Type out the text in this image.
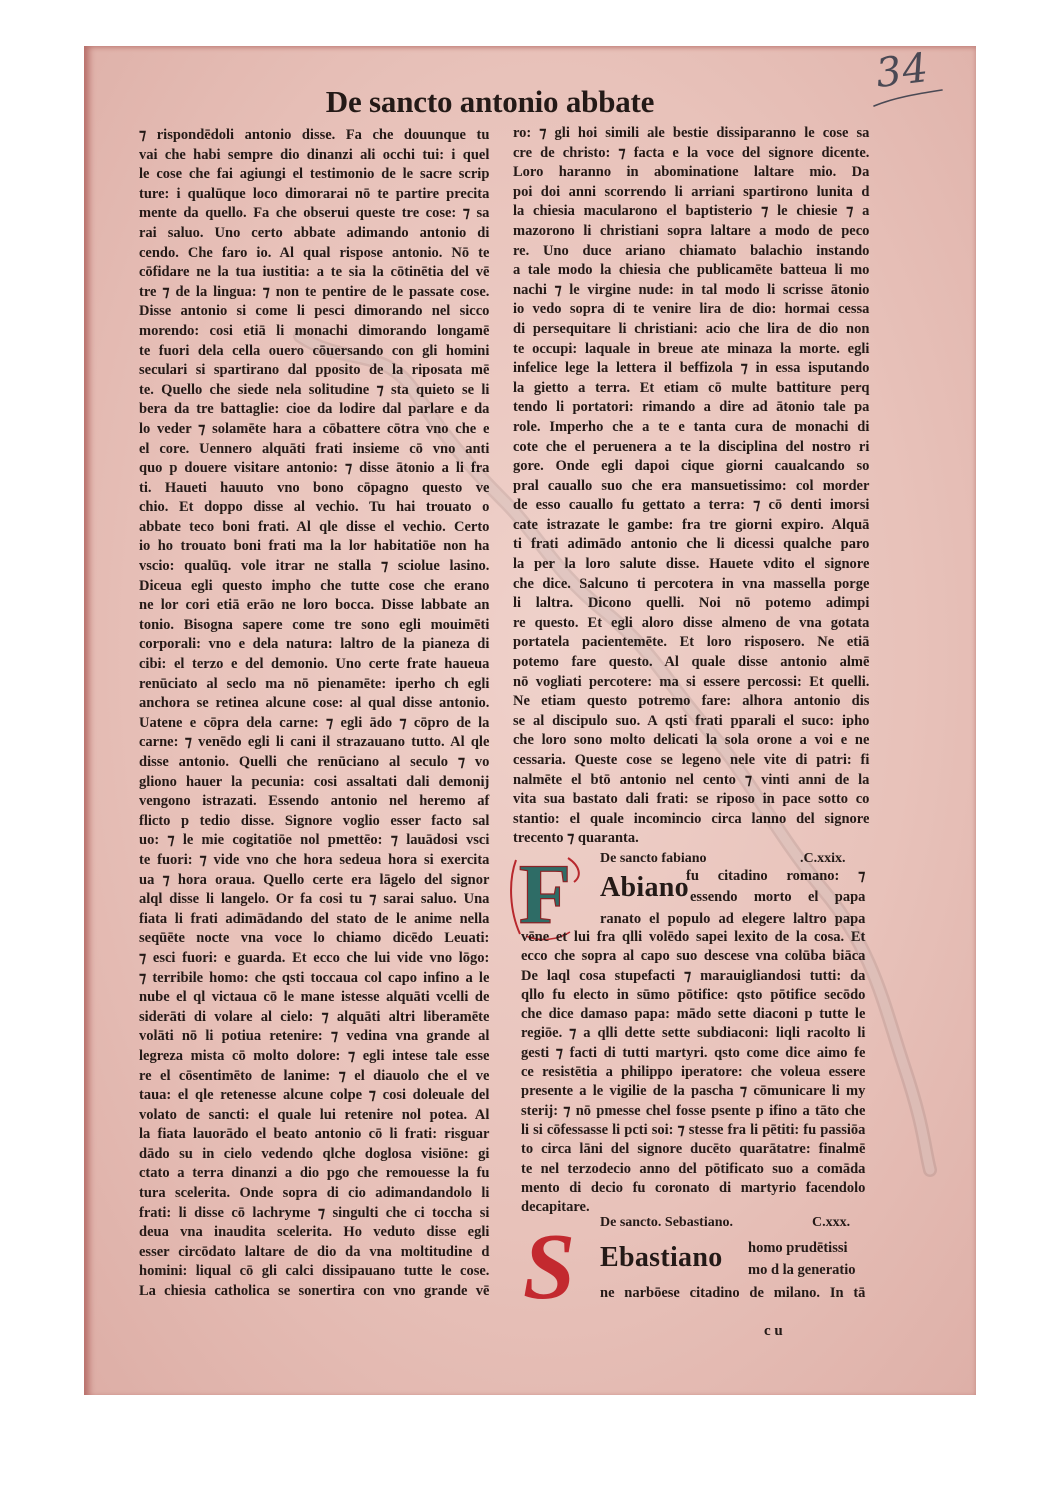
34
De sancto antonio abbate
⁊ rispondēdoli antonio disse. Fa che douunque tu
vai che habi sempre dio dinanzi ali occhi tui: i quel
le cose che fai agiungi el testimonio de le sacre scrip
ture: i qualūque loco dimorarai nō te partire precita
mente da quello. Fa che obserui queste tre cose: ⁊ sa
rai saluo. Uno certo abbate adimando antonio di
cendo. Che faro io. Al qual rispose antonio. Nō te
cōfidare ne la tua iustitia: a te sia la cōtinētia del vē
tre ⁊ de la lingua: ⁊ non te pentire de le passate cose.
Disse antonio si come li pesci dimorando nel sicco
morendo: cosi etiā li monachi dimorando longamē
te fuori dela cella ouero cōuersando con gli homini
seculari si spartirano dal pposito de la riposata mē
te. Quello che siede nela solitudine ⁊ sta quieto se li
bera da tre battaglie: cioe da lodire dal parlare e da
lo veder ⁊ solamēte hara a cōbattere cōtra vno che e
el core. Uennero alquāti frati insieme cō vno anti
quo p douere visitare antonio: ⁊ disse ātonio a li fra
ti. Haueti hauuto vno bono cōpagno questo ve
chio. Et doppo disse al vechio. Tu hai trouato o
abbate teco boni frati. Al qle disse el vechio. Certo
io ho trouato boni frati ma la lor habitatiōe non ha
vscio: qualūq. vole itrar ne stalla ⁊ sciolue lasino.
Diceua egli questo impho che tutte cose che erano
ne lor cori etiā erāo ne loro bocca. Disse labbate an
tonio. Bisogna sapere come tre sono egli mouimēti
corporali: vno e dela natura: laltro de la pianeza di
cibi: el terzo e del demonio. Uno certe frate haueua
renūciato al seclo ma nō pienamēte: iperho ch egli
anchora se retinea alcune cose: al qual disse antonio.
Uatene e cōpra dela carne: ⁊ egli ādo ⁊ cōpro de la
carne: ⁊ venēdo egli li cani il strazauano tutto. Al qle
disse antonio. Quelli che renūciano al seculo ⁊ vo
gliono hauer la pecunia: cosi assaltati dali demonij
vengono istrazati. Essendo antonio nel heremo af
flicto p tedio disse. Signore voglio esser facto sal
uo: ⁊ le mie cogitatiōe nol pmettēo: ⁊ lauādosi vsci
te fuori: ⁊ vide vno che hora sedeua hora si exercita
ua ⁊ hora oraua. Quello certe era lāgelo del signor
alql disse li langelo. Or fa cosi tu ⁊ sarai saluo. Una
fiata li frati adimādando del stato de le anime nella
seqūēte nocte vna voce lo chiamo dicēdo Leuati:
⁊ esci fuori: e guarda. Et ecco che lui vide vno lōgo:
⁊ terribile homo: che qsti toccaua col capo infino a le
nube el ql victaua cō le mane istesse alquāti vcelli de
siderāti di volare al cielo: ⁊ alquāti altri liberamēte
volāti nō li potiua retenire: ⁊ vedina vna grande al
legreza mista cō molto dolore: ⁊ egli intese tale esse
re el cōsentimēto de lanime: ⁊ el diauolo che el ve
taua: el qle retenesse alcune colpe ⁊ cosi doleuale del
volato de sancti: el quale lui retenire nol potea. Al
la fiata lauorādo el beato antonio cō li frati: risguar
dādo su in cielo vedendo qlche doglosa visiōne: gi
ctato a terra dinanzi a dio pgo che remouesse la fu
tura scelerita. Onde sopra di cio adimandandolo li
frati: li disse cō lachryme ⁊ singulti che ci toccha si
deua vna inaudita scelerita. Ho veduto disse egli
esser circōdato laltare de dio da vna moltitudine d
homini: liqual cō gli calci dissipauano tutte le cose.
La chiesia catholica se sonertira con vno grande vē
ro: ⁊ gli hoi simili ale bestie dissiparanno le cose sa
cre de christo: ⁊ facta e la voce del signore dicente.
Loro haranno in abominatione laltare mio. Da
poi doi anni scorrendo li arriani spartirono lunita d
la chiesia macularono el baptisterio ⁊ le chiesie ⁊ a
mazorono li christiani sopra laltare a modo de peco
re. Uno duce ariano chiamato balachio instando
a tale modo la chiesia che publicamēte batteua li mo
nachi ⁊ le virgine nude: in tal modo li scrisse ātonio
io vedo sopra di te venire lira de dio: hormai cessa
di persequitare li christiani: acio che lira de dio non
te occupi: laquale in breue ate minaza la morte. egli
infelice lege la lettera il beffizola ⁊ in essa isputando
la gietto a terra. Et etiam cō multe battiture perq
tendo li portatori: rimando a dire ad ātonio tale pa
role. Imperho che a te e tanta cura de monachi di
cote che el peruenera a te la disciplina del nostro ri
gore. Onde egli dapoi cique giorni caualcando so
pral cauallo suo che era mansuetissimo: col morder
de esso cauallo fu gettato a terra: ⁊ cō denti imorsi
cate istrazate le gambe: fra tre giorni expiro. Alquā
ti frati adimādo antonio che li dicessi qualche paro
la per la loro salute disse. Hauete vdito el signore
che dice. Salcuno ti percotera in vna massella porge
li laltra. Dicono quelli. Noi nō potemo adimpi
re questo. Et egli aloro disse almeno de vna gotata
portatela pacientemēte. Et loro risposero. Ne etiā
potemo fare questo. Al quale disse antonio almē
nō vogliati percotere: ma si essere percossi: Et quelli.
Ne etiam questo potremo fare: alhora antonio dis
se al discipulo suo. A qsti frati pparali el suco: ipho
che loro sono molto delicati la sola orone a voi e ne
cessaria. Queste cose se legeno nele vite di patri: fi
nalmēte el btō antonio nel cento ⁊ vinti anni de la
vita sua bastato dali frati: se riposo in pace sotto co
stantio: el quale incomincio circa lanno del signore
trecento ⁊ quaranta.
De sancto fabiano	.C.xxix.
F	Abiano
fu citadino romano: ⁊
essendo morto el papa
ranato el populo ad elegere laltro papa
vēne et lui fra qlli volēdo sapei lexito de la cosa. Et
ecco che sopra al capo suo descese vna colūba biāca
De laql cosa stupefacti ⁊ marauigliandosi tutti: da
qllo fu electo in sūmo pōtifice: qsto pōtifice secōdo
che dice damaso papa: mādo sette diaconi p tutte le
regiōe. ⁊ a qlli dette sette subdiaconi: liqli racolto li
gesti ⁊ facti di tutti martyri. qsto come dice aimo fe
ce resistētia a philippo iperatore: che voleua essere
presente a le vigilie de la pascha ⁊ cōmunicare li my
sterij: ⁊ nō pmesse chel fosse psente p ifino a tāto che
li si cōfessasse li pcti soi: ⁊ stesse fra li pētiti: fu passiōa
to circa lāni del signore ducēto quarātatre: finalmē
te nel terzodecio anno del pōtificato suo a comāda
mento di decio fu coronato di martyrio facendolo
decapitare.
De sancto. Sebastiano.	C.xxx.
S Ebastiano homo prudētissi
mo d la generatio
ne narbōese citadino de milano. In tā
c u
